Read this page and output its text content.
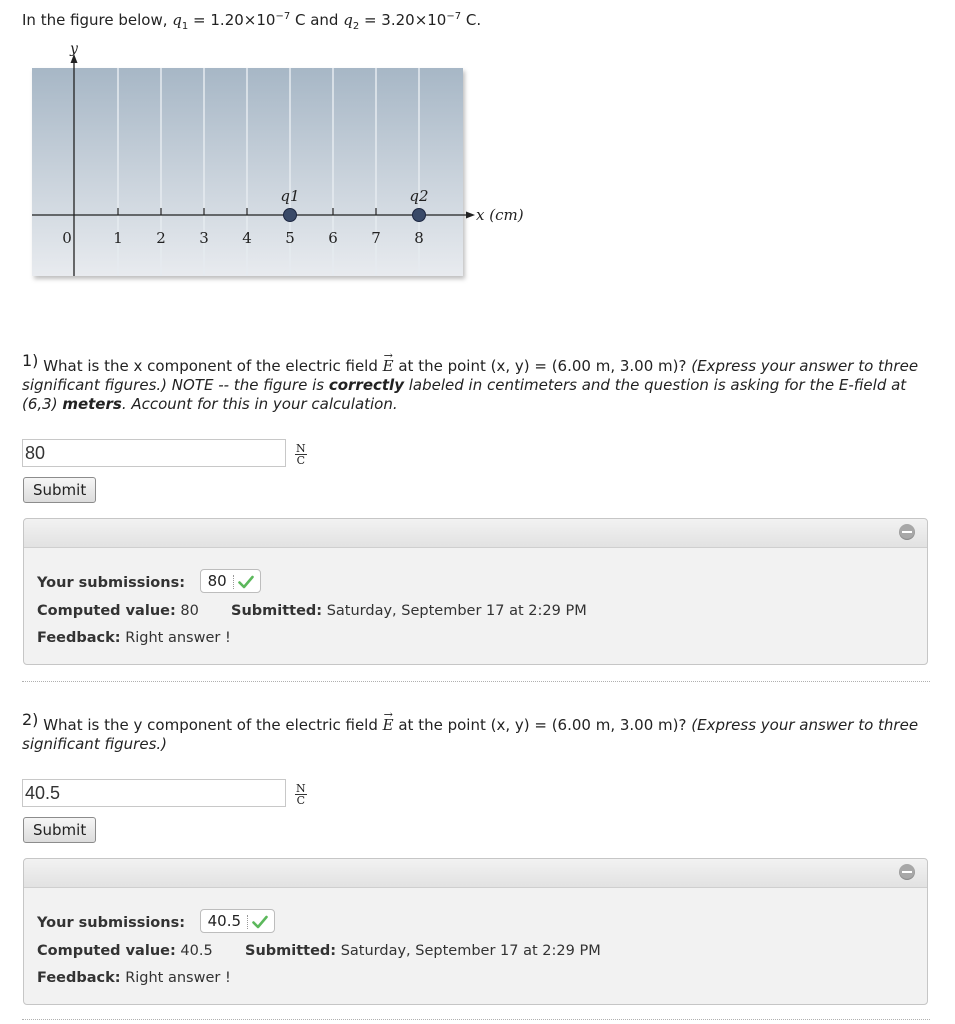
In the figure below, $q_1 = 1.20\times 10^{-7}$ C and $q_2 = 3.20\times 10^{-7}$ C.
y
x (cm)
0	1 2 3 4 5 6 7 8
q1	q2
1) What is the x component of the electric field → E at the point (x, y) = (6.00 m, 3.00 m)? (Express your answer to three significant figures.) NOTE -- the figure is correctly labeled in centimeters and the question is asking for the E-field at (6,3) meters. Account for this in your calculation.
80	N
C
Submit
Your submissions: 80
Computed value: 80 Submitted: Saturday, September 17 at 2:29 PM
Feedback: Right answer !
2) What is the y component of the electric field → E at the point (x, y) = (6.00 m, 3.00 m)? (Express your answer to three significant figures.)
40.5	N
C
Submit
Your submissions: 40.5
Computed value: 40.5 Submitted: Saturday, September 17 at 2:29 PM
Feedback: Right answer !
